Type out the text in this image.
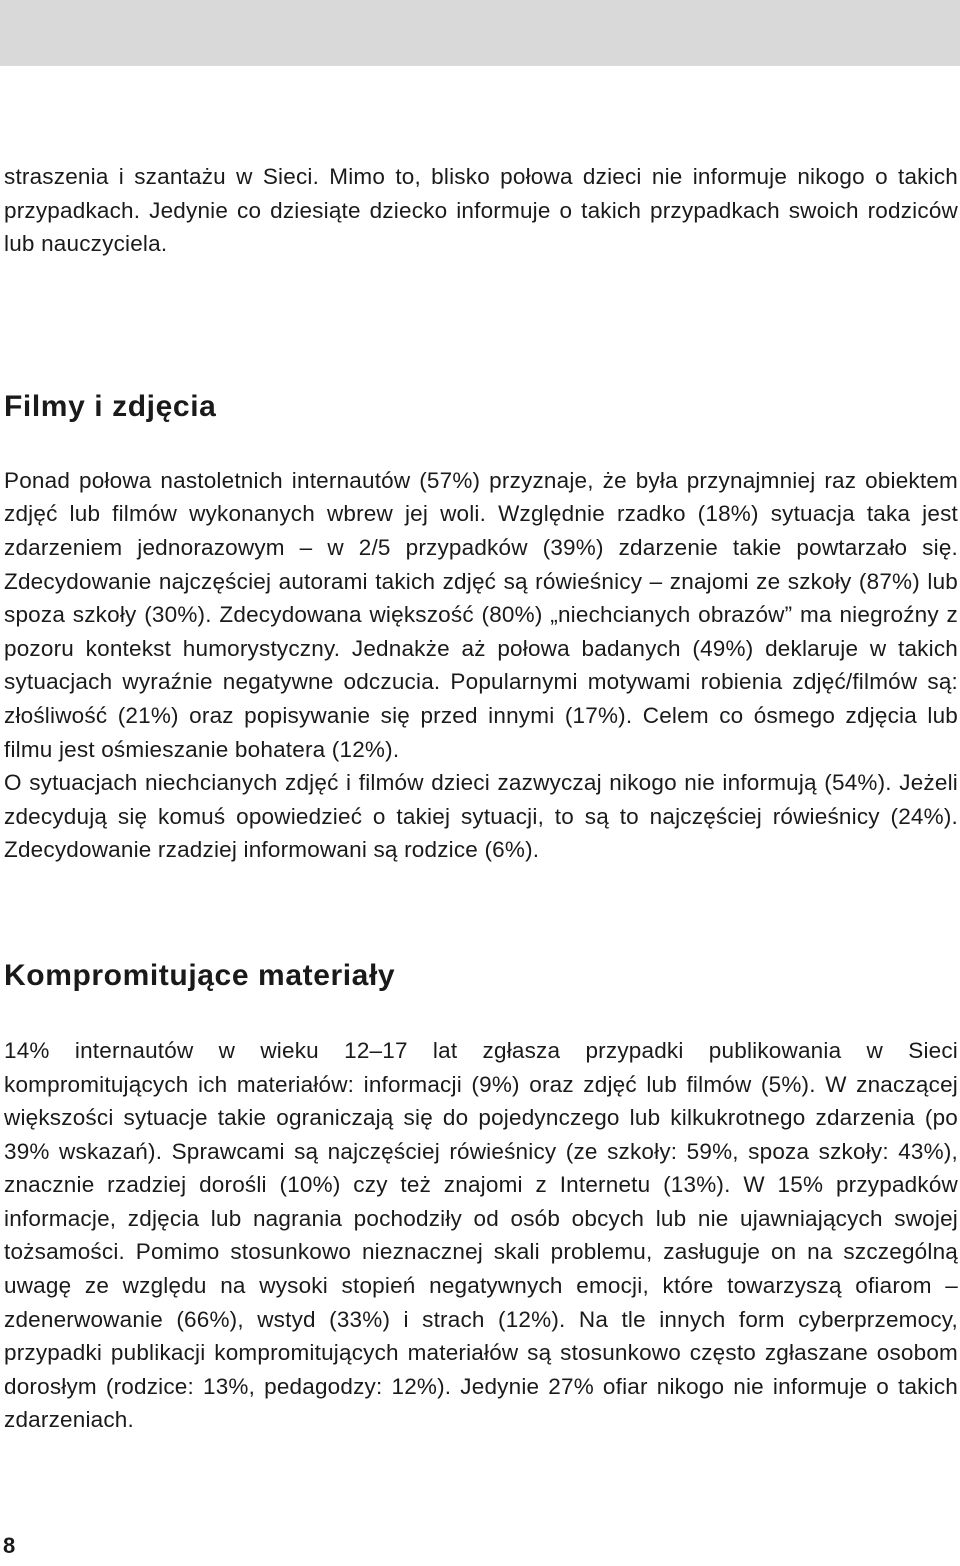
straszenia i szantażu w Sieci. Mimo to, blisko połowa dzieci nie informuje nikogo o takich przypadkach. Jedynie co dziesiąte dziecko informuje o takich przypadkach swoich rodziców lub nauczyciela.

Filmy i zdjęcia

Ponad połowa nastoletnich internautów (57%) przyznaje, że była przynajmniej raz obiektem zdjęć lub filmów wykonanych wbrew jej woli. Względnie rzadko (18%) sytuacja taka jest zdarzeniem jednorazowym – w 2/5 przypadków (39%) zdarzenie takie powtarzało się. Zdecydowanie najczęściej autorami takich zdjęć są rówieśnicy – znajomi ze szkoły (87%) lub spoza szkoły (30%). Zdecydowana większość (80%) „niechcianych obrazów” ma niegroźny z pozoru kontekst humorystyczny. Jednakże aż połowa badanych (49%) deklaruje w takich sytuacjach wyraźnie negatywne odczucia. Popularnymi motywami robienia zdjęć/filmów są: złośliwość (21%) oraz popisywanie się przed innymi (17%). Celem co ósmego zdjęcia lub filmu jest ośmieszanie bohatera (12%).

O sytuacjach niechcianych zdjęć i filmów dzieci zazwyczaj nikogo nie informują (54%). Jeżeli zdecydują się komuś opowiedzieć o takiej sytuacji, to są to najczęściej rówieśnicy (24%). Zdecydowanie rzadziej informowani są rodzice (6%).

Kompromitujące materiały

14% internautów w wieku 12–17 lat zgłasza przypadki publikowania w Sieci kompromitujących ich materiałów: informacji (9%) oraz zdjęć lub filmów (5%). W znaczącej większości sytuacje takie ograniczają się do pojedynczego lub kilkukrotnego zdarzenia (po 39% wskazań). Sprawcami są najczęściej rówieśnicy (ze szkoły: 59%, spoza szkoły: 43%), znacznie rzadziej dorośli (10%) czy też znajomi z Internetu (13%). W 15% przypadków informacje, zdjęcia lub nagrania pochodziły od osób obcych lub nie ujawniających swojej tożsamości. Pomimo stosunkowo nieznacznej skali problemu, zasługuje on na szczególną uwagę ze względu na wysoki stopień negatywnych emocji, które towarzyszą ofiarom – zdenerwowanie (66%), wstyd (33%) i strach (12%). Na tle innych form cyberprzemocy, przypadki publikacji kompromitujących materiałów są stosunkowo często zgłaszane osobom dorosłym (rodzice: 13%, pedagodzy: 12%). Jedynie 27% ofiar nikogo nie informuje o takich zdarzeniach.

8
